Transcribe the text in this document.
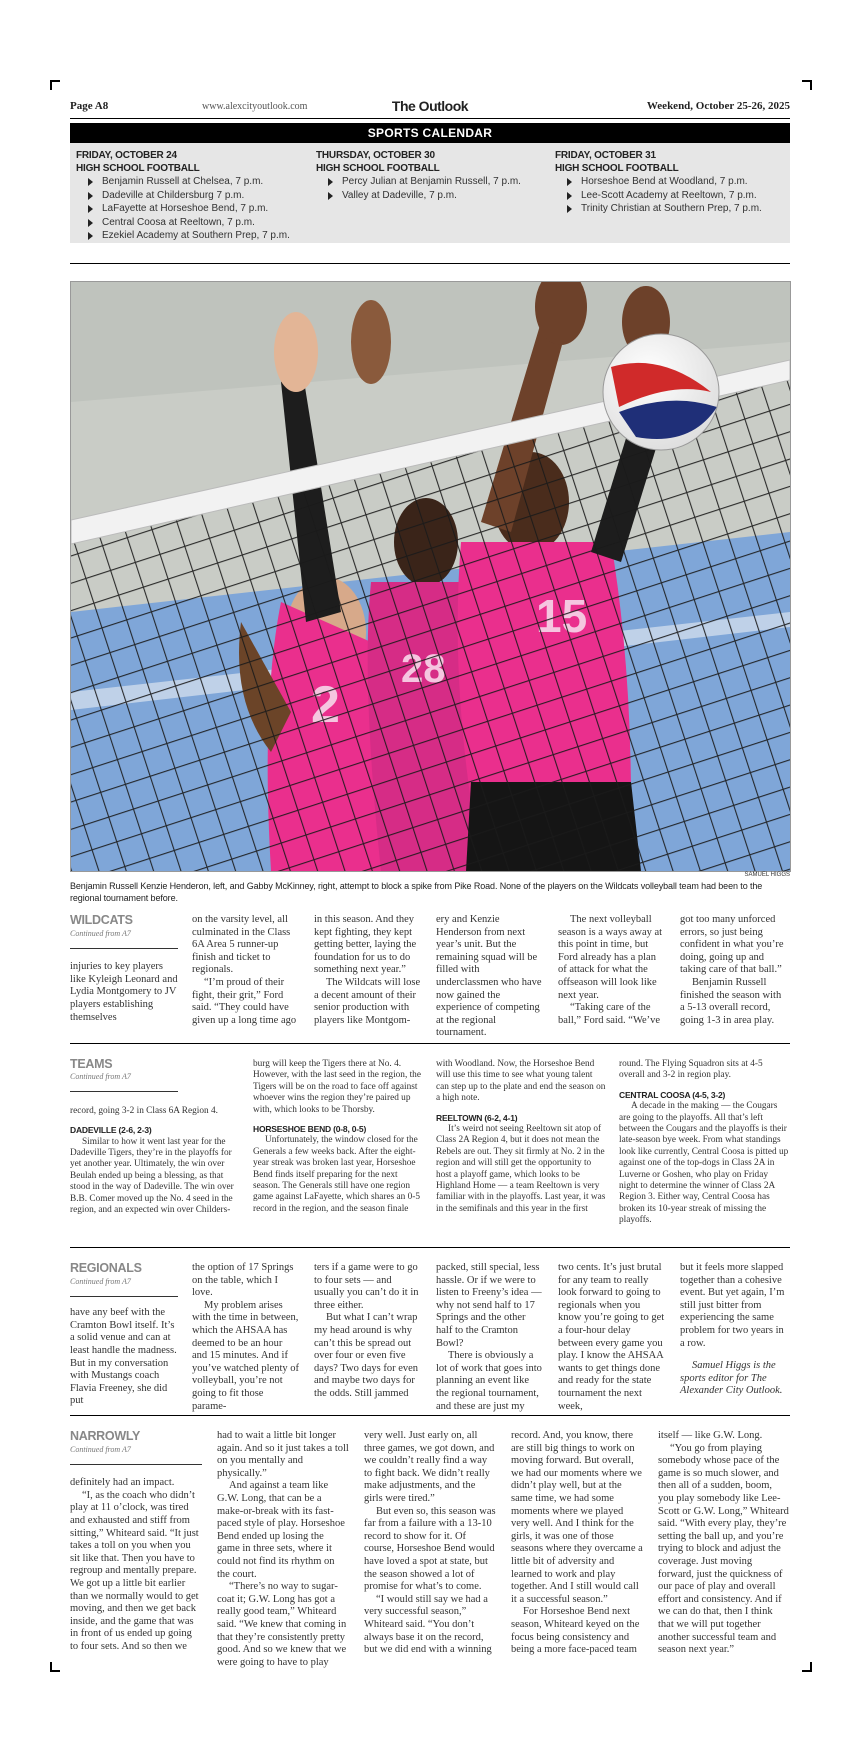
Page A8	www.alexcityoutlook.com	The Outlook	Weekend, October 25-26, 2025
SPORTS CALENDAR
FRIDAY, OCTOBER 24
HIGH SCHOOL FOOTBALL
Benjamin Russell at Chelsea, 7 p.m.
Dadeville at Childersburg 7 p.m.
LaFayette at Horseshoe Bend, 7 p.m.
Central Coosa at Reeltown, 7 p.m.
Ezekiel Academy at Southern Prep, 7 p.m.
THURSDAY, OCTOBER 30
HIGH SCHOOL FOOTBALL
Percy Julian at Benjamin Russell, 7 p.m.
Valley at Dadeville, 7 p.m.
FRIDAY, OCTOBER 31
HIGH SCHOOL FOOTBALL
Horseshoe Bend at Woodland, 7 p.m.
Lee-Scott Academy at Reeltown, 7 p.m.
Trinity Christian at Southern Prep, 7 p.m.
SAMUEL HIGGS
Benjamin Russell Kenzie Henderon, left, and Gabby McKinney, right, attempt to block a spike from Pike Road. None of the players on the Wildcats volleyball team had been to the regional tournament before.
WILDCATS
Continued from A7

injuries to key players like Kyleigh Leonard and Lydia Montgomery to JV players establishing themselves

on the varsity level, all culminated in the Class 6A Area 5 runner-up finish and ticket to regionals.

“I’m proud of their fight, their grit,” Ford said. “They could have given up a long time ago

in this season. And they kept fighting, they kept getting better, laying the foundation for us to do something next year.”

The Wildcats will lose a decent amount of their senior production with players like Montgom-

ery and Kenzie Henderson from next year’s unit. But the remaining squad will be filled with underclassmen who have now gained the experience of competing at the regional tournament.

The next volleyball season is a ways away at this point in time, but Ford already has a plan of attack for what the offseason will look like next year.

“Taking care of the ball,” Ford said. “We’ve

got too many unforced errors, so just being confident in what you’re doing, going up and taking care of that ball.”

Benjamin Russell finished the season with a 5-13 overall record, going 1-3 in area play.

TEAMS
Continued from A7

record, going 3-2 in Class 6A Region 4.

DADEVILLE (2-6, 2-3)

Similar to how it went last year for the Dadeville Tigers, they’re in the playoffs for yet another year. Ultimately, the win over Beulah ended up being a blessing, as that stood in the way of Dadeville. The win over B.B. Comer moved up the No. 4 seed in the region, and an expected win over Childers-

burg will keep the Tigers there at No. 4. However, with the last seed in the region, the Tigers will be on the road to face off against whoever wins the region they’re paired up with, which looks to be Thorsby.

HORSESHOE BEND (0-8, 0-5)

Unfortunately, the window closed for the Generals a few weeks back. After the eight-year streak was broken last year, Horseshoe Bend finds itself preparing for the next season. The Generals still have one region game against LaFayette, which shares an 0-5 record in the region, and the season finale

with Woodland. Now, the Horseshoe Bend will use this time to see what young talent can step up to the plate and end the season on a high note.

REELTOWN (6-2, 4-1)

It’s weird not seeing Reeltown sit atop of Class 2A Region 4, but it does not mean the Rebels are out. They sit firmly at No. 2 in the region and will still get the opportunity to host a playoff game, which looks to be Highland Home — a team Reeltown is very familiar with in the playoffs. Last year, it was in the semifinals and this year in the first

round. The Flying Squadron sits at 4-5 overall and 3-2 in region play.

CENTRAL COOSA (4-5, 3-2)

A decade in the making — the Cougars are going to the playoffs. All that’s left between the Cougars and the playoffs is their late-season bye week. From what standings look like currently, Central Coosa is pitted up against one of the top-dogs in Class 2A in Luverne or Goshen, who play on Friday night to determine the winner of Class 2A Region 3. Either way, Central Coosa has broken its 10-year streak of missing the playoffs.

REGIONALS
Continued from A7

have any beef with the Cramton Bowl itself. It’s a solid venue and can at least handle the madness. But in my conversation with Mustangs coach Flavia Freeney, she did put

the option of 17 Springs on the table, which I love.

My problem arises with the time in between, which the AHSAA has deemed to be an hour and 15 minutes. And if you’ve watched plenty of volleyball, you’re not going to fit those parame-

ters if a game were to go to four sets — and usually you can’t do it in three either.

But what I can’t wrap my head around is why can’t this be spread out over four or even five days? Two days for even and maybe two days for the odds. Still jammed

packed, still special, less hassle. Or if we were to listen to Freeny’s idea — why not send half to 17 Springs and the other half to the Cramton Bowl?

There is obviously a lot of work that goes into planning an event like the regional tournament, and these are just my

two cents. It’s just brutal for any team to really look forward to going to regionals when you know you’re going to get a four-hour delay between every game you play. I know the AHSAA wants to get things done and ready for the state tournament the next week,

but it feels more slapped together than a cohesive event. But yet again, I’m still just bitter from experiencing the same problem for two years in a row.

Samuel Higgs is the sports editor for The Alexander City Outlook.

NARROWLY
Continued from A7

definitely had an impact.

“I, as the coach who didn’t play at 11 o’clock, was tired and exhausted and stiff from sitting,” Whiteard said. “It just takes a toll on you when you sit like that. Then you have to regroup and mentally prepare. We got up a little bit earlier than we normally would to get moving, and then we get back inside, and the game that was in front of us ended up going to four sets. And so then we

had to wait a little bit longer again. And so it just takes a toll on you mentally and physically.”

And against a team like G.W. Long, that can be a make-or-break with its fast-paced style of play. Horseshoe Bend ended up losing the game in three sets, where it could not find its rhythm on the court.

“There’s no way to sugar-coat it; G.W. Long has got a really good team,” Whiteard said. “We knew that coming in that they’re consistently pretty good. And so we knew that we were going to have to play

very well. Just early on, all three games, we got down, and we couldn’t really find a way to fight back. We didn’t really make adjustments, and the girls were tired.”

But even so, this season was far from a failure with a 13-10 record to show for it. Of course, Horseshoe Bend would have loved a spot at state, but the season showed a lot of promise for what’s to come.

“I would still say we had a very successful season,” Whiteard said. “You don’t always base it on the record, but we did end with a winning

record. And, you know, there are still big things to work on moving forward. But overall, we had our moments where we didn’t play well, but at the same time, we had some moments where we played very well. And I think for the girls, it was one of those seasons where they overcame a little bit of adversity and learned to work and play together. And I still would call it a successful season.”

For Horseshoe Bend next season, Whiteard keyed on the focus being consistency and being a more face-paced team

itself — like G.W. Long.

“You go from playing somebody whose pace of the game is so much slower, and then all of a sudden, boom, you play somebody like Lee-Scott or G.W. Long,” Whiteard said. “With every play, they’re setting the ball up, and you’re trying to block and adjust the coverage. Just moving forward, just the quickness of our pace of play and overall effort and consistency. And if we can do that, then I think that we will put together another successful team and season next year.”
